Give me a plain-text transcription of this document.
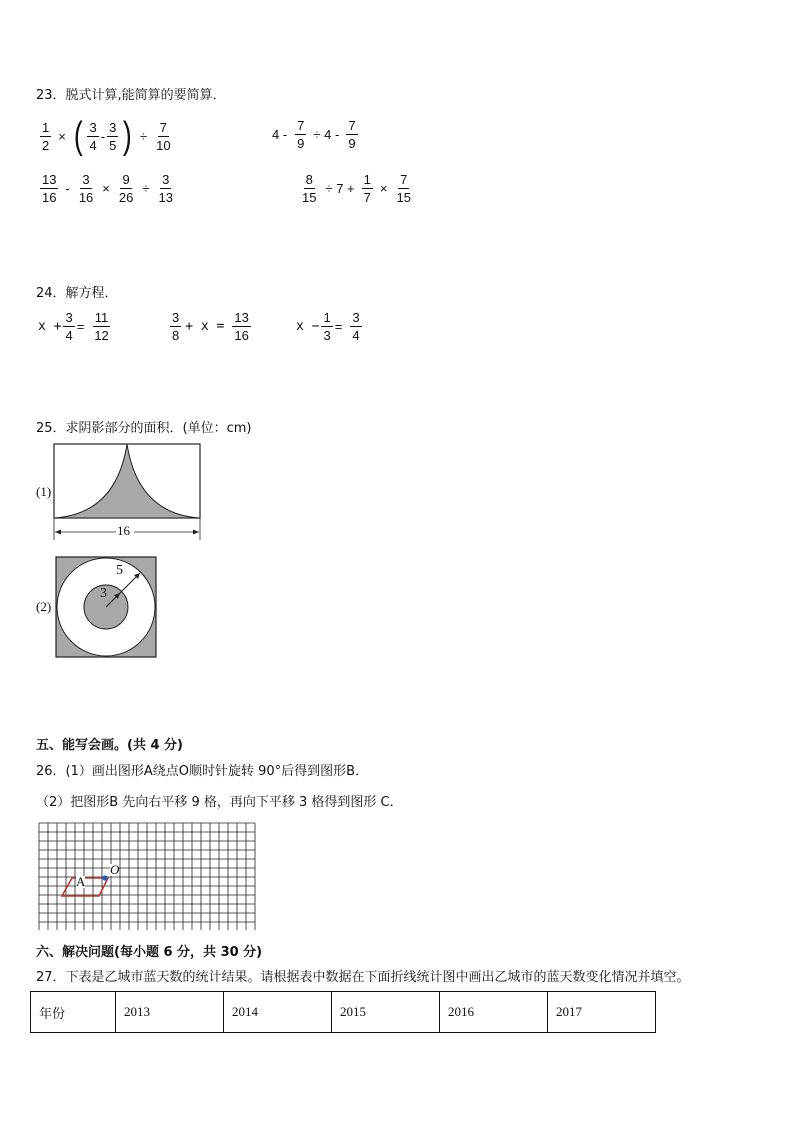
23．脱式计算,能简算的要简算．
$\frac{1}{2}$ × ( $\frac{3}{4} - \frac{3}{5}$ ) ÷ $\frac{7}{10}$	$4 - \frac{7}{9} \div 4 - \frac{7}{9}$
$\frac{13}{16} - \frac{3}{16} \times \frac{9}{26} \div \frac{3}{13}$	$\frac{8}{15} \div 7 + \frac{1}{7} \times \frac{7}{15}$
24．解方程．
$x + \frac{3}{4} = \frac{11}{12}$	$\frac{3}{8} + x = \frac{13}{16}$	$x - \frac{1}{3} = \frac{3}{4}$
25．求阴影部分的面积．(单位：cm)
(1)
16
(2)
5
3
五、能写会画。(共 4 分)
26．(1）画出图形A绕点O顺时针旋转 90°后得到图形B．
（2）把图形B 先向右平移 9 格，再向下平移 3 格得到图形 C．
A
O
六、解决问题(每小题 6 分，共 30 分)
27．下表是乙城市蓝天数的统计结果。请根据表中数据在下面折线统计图中画出乙城市的蓝天数变化情况并填空。
年份	2013	2014	2015	2016	2017
